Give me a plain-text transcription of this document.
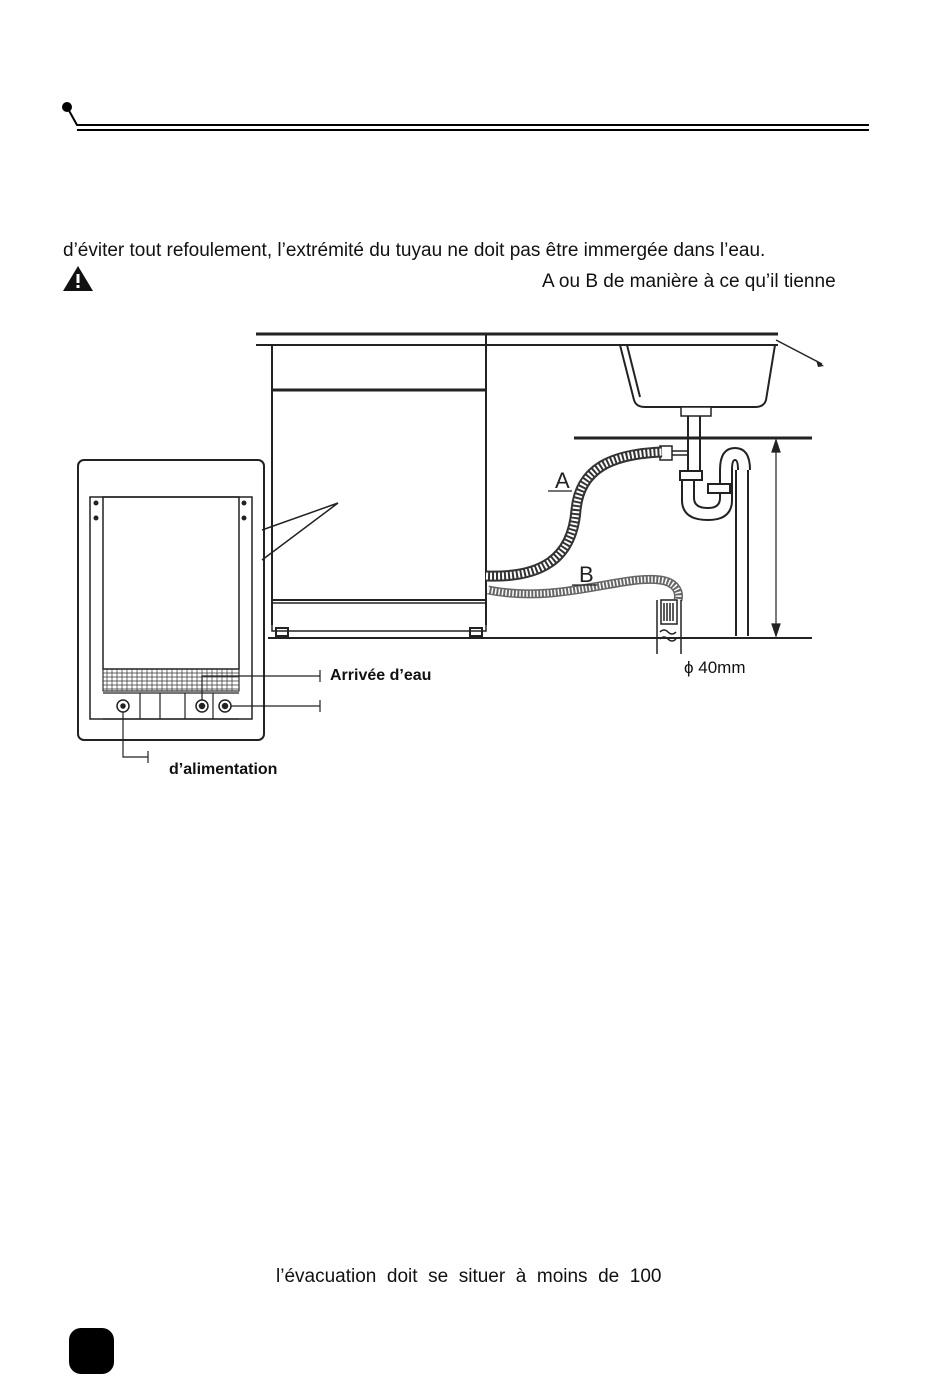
d’éviter tout refoulement, l’extrémité du tuyau ne doit pas être immergée dans l’eau.
A ou B de manière à ce qu’il tienne
A
B
ϕ 40mm
Arrivée d’eau
d’alimentation
l’évacuation  doit  se  situer  à  moins  de  100
